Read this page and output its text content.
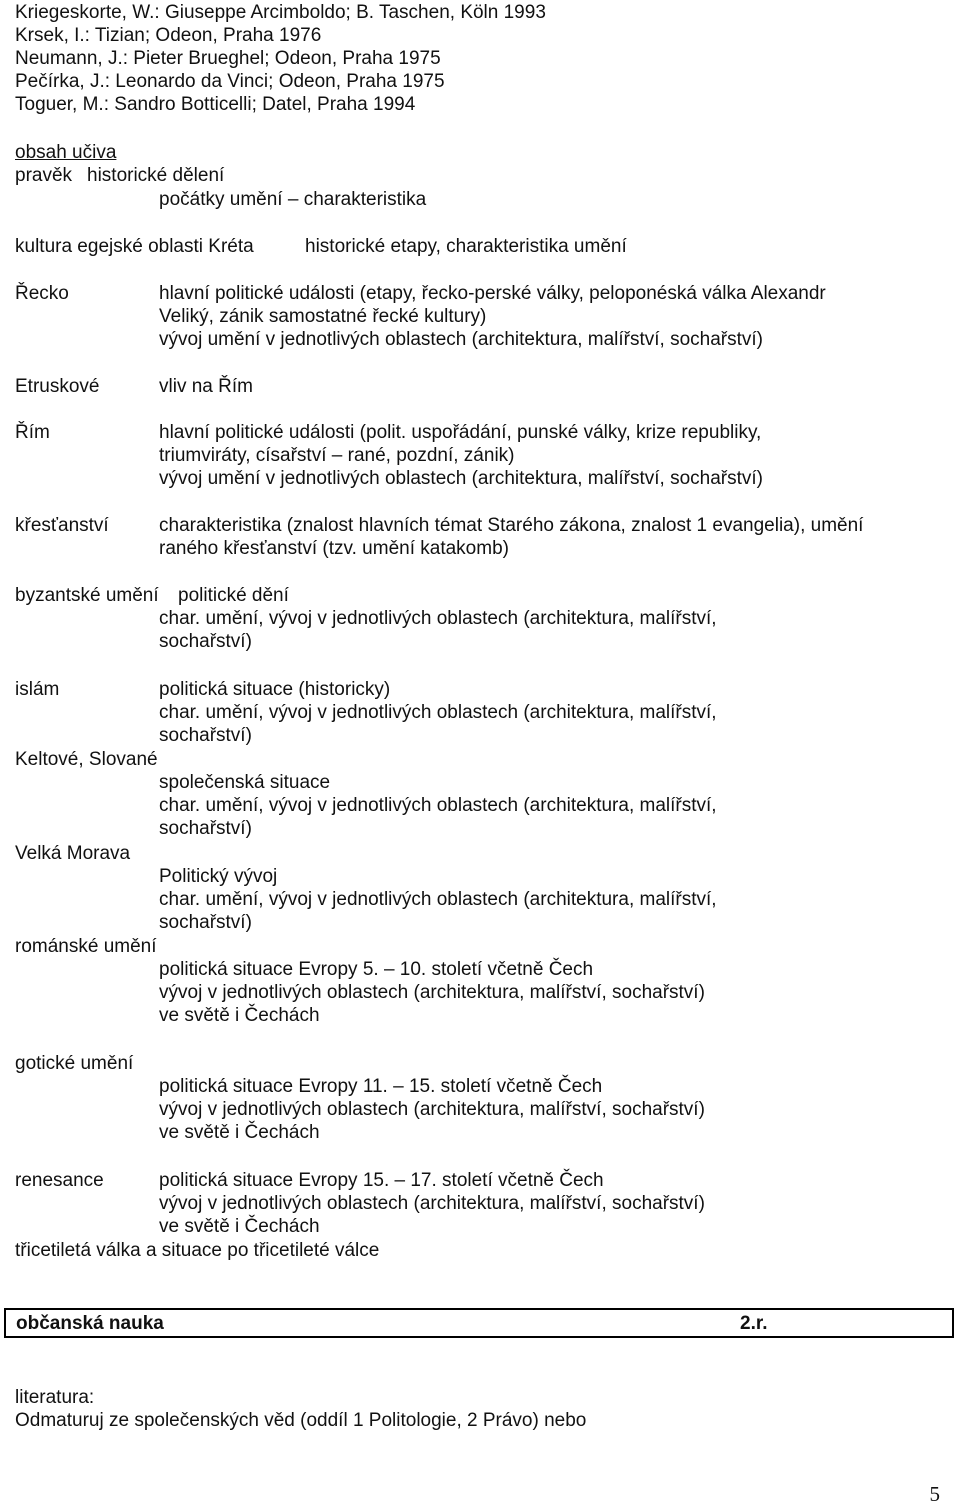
Kriegeskorte, W.: Giuseppe Arcimboldo; B. Taschen, Köln 1993
Krsek, I.: Tizian; Odeon, Praha 1976
Neumann, J.: Pieter Brueghel; Odeon, Praha 1975
Pečírka, J.: Leonardo da Vinci; Odeon, Praha 1975
Toguer, M.: Sandro Botticelli; Datel, Praha 1994
obsah učiva
pravěk historické dělení
počátky umění – charakteristika
kultura egejské oblasti Kréta	historické etapy, charakteristika umění
Řecko	hlavní politické události (etapy, řecko-perské války, peloponéská válka Alexandr
Veliký, zánik samostatné řecké kultury)
vývoj umění v jednotlivých oblastech (architektura, malířství, sochařství)
Etruskové	vliv na Řím
Řím	hlavní politické události (polit. uspořádání, punské války, krize republiky,
triumviráty, císařství – rané, pozdní, zánik)
vývoj umění v jednotlivých oblastech (architektura, malířství, sochařství)
křesťanství	charakteristika (znalost hlavních témat Starého zákona, znalost 1 evangelia), umění
raného křesťanství (tzv. umění katakomb)
byzantské umění politické dění
char. umění, vývoj v jednotlivých oblastech (architektura, malířství,
sochařství)
islám	politická situace (historicky)
char. umění, vývoj v jednotlivých oblastech (architektura, malířství,
sochařství)
Keltové, Slované
společenská situace
char. umění, vývoj v jednotlivých oblastech (architektura, malířství,
sochařství)
Velká Morava
Politický vývoj
char. umění, vývoj v jednotlivých oblastech (architektura, malířství,
sochařství)
románské umění
politická situace Evropy 5. – 10. století včetně Čech
vývoj v jednotlivých oblastech (architektura, malířství, sochařství)
ve světě i Čechách
gotické umění
politická situace Evropy 11. – 15. století včetně Čech
vývoj v jednotlivých oblastech (architektura, malířství, sochařství)
ve světě i Čechách
renesance	politická situace Evropy 15. – 17. století včetně Čech
vývoj v jednotlivých oblastech (architektura, malířství, sochařství)
ve světě i Čechách
třicetiletá válka a situace po třicetileté válce
občanská nauka	2.r.
literatura:
Odmaturuj ze společenských věd (oddíl 1 Politologie, 2 Právo) nebo
5
